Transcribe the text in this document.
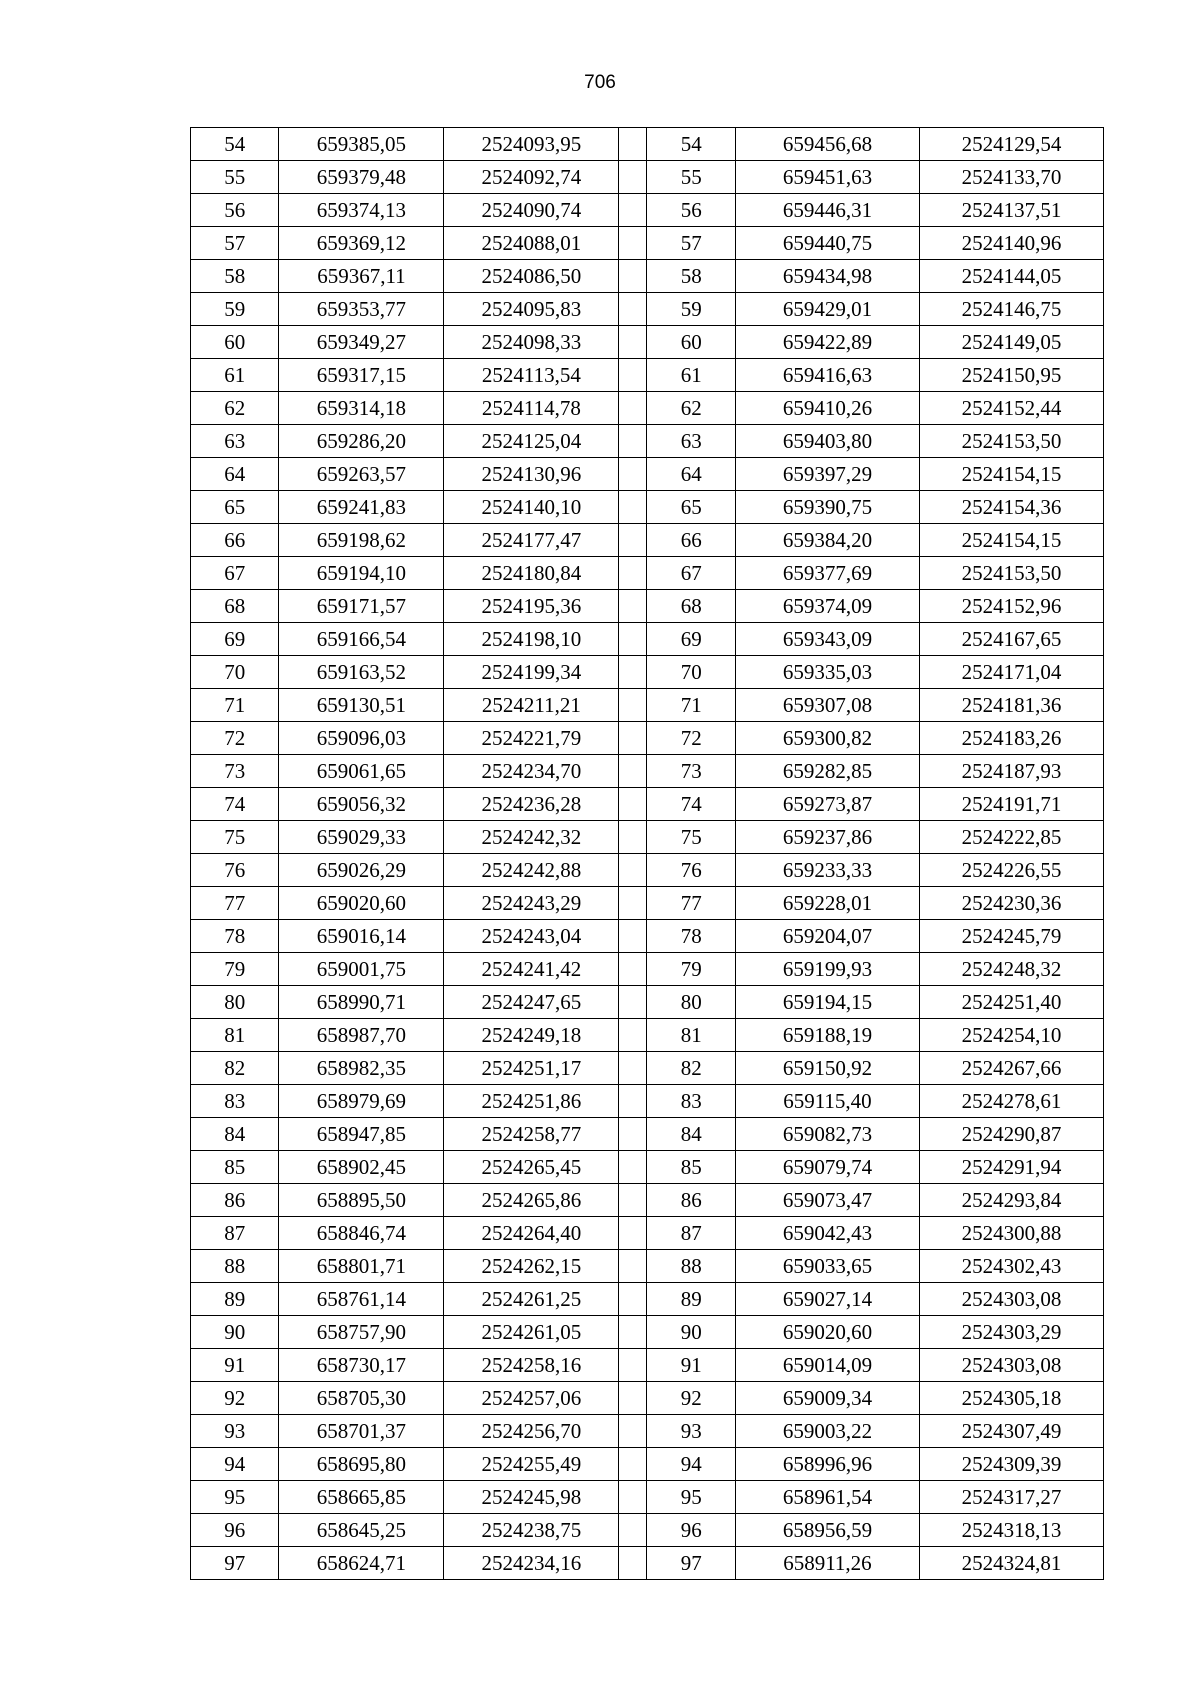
706
54	659385,05	2524093,95		54	659456,68	2524129,54
55	659379,48	2524092,74		55	659451,63	2524133,70
56	659374,13	2524090,74		56	659446,31	2524137,51
57	659369,12	2524088,01		57	659440,75	2524140,96
58	659367,11	2524086,50		58	659434,98	2524144,05
59	659353,77	2524095,83		59	659429,01	2524146,75
60	659349,27	2524098,33		60	659422,89	2524149,05
61	659317,15	2524113,54		61	659416,63	2524150,95
62	659314,18	2524114,78		62	659410,26	2524152,44
63	659286,20	2524125,04		63	659403,80	2524153,50
64	659263,57	2524130,96		64	659397,29	2524154,15
65	659241,83	2524140,10		65	659390,75	2524154,36
66	659198,62	2524177,47		66	659384,20	2524154,15
67	659194,10	2524180,84		67	659377,69	2524153,50
68	659171,57	2524195,36		68	659374,09	2524152,96
69	659166,54	2524198,10		69	659343,09	2524167,65
70	659163,52	2524199,34		70	659335,03	2524171,04
71	659130,51	2524211,21		71	659307,08	2524181,36
72	659096,03	2524221,79		72	659300,82	2524183,26
73	659061,65	2524234,70		73	659282,85	2524187,93
74	659056,32	2524236,28		74	659273,87	2524191,71
75	659029,33	2524242,32		75	659237,86	2524222,85
76	659026,29	2524242,88		76	659233,33	2524226,55
77	659020,60	2524243,29		77	659228,01	2524230,36
78	659016,14	2524243,04		78	659204,07	2524245,79
79	659001,75	2524241,42		79	659199,93	2524248,32
80	658990,71	2524247,65		80	659194,15	2524251,40
81	658987,70	2524249,18		81	659188,19	2524254,10
82	658982,35	2524251,17		82	659150,92	2524267,66
83	658979,69	2524251,86		83	659115,40	2524278,61
84	658947,85	2524258,77		84	659082,73	2524290,87
85	658902,45	2524265,45		85	659079,74	2524291,94
86	658895,50	2524265,86		86	659073,47	2524293,84
87	658846,74	2524264,40		87	659042,43	2524300,88
88	658801,71	2524262,15		88	659033,65	2524302,43
89	658761,14	2524261,25		89	659027,14	2524303,08
90	658757,90	2524261,05		90	659020,60	2524303,29
91	658730,17	2524258,16		91	659014,09	2524303,08
92	658705,30	2524257,06		92	659009,34	2524305,18
93	658701,37	2524256,70		93	659003,22	2524307,49
94	658695,80	2524255,49		94	658996,96	2524309,39
95	658665,85	2524245,98		95	658961,54	2524317,27
96	658645,25	2524238,75		96	658956,59	2524318,13
97	658624,71	2524234,16		97	658911,26	2524324,81
